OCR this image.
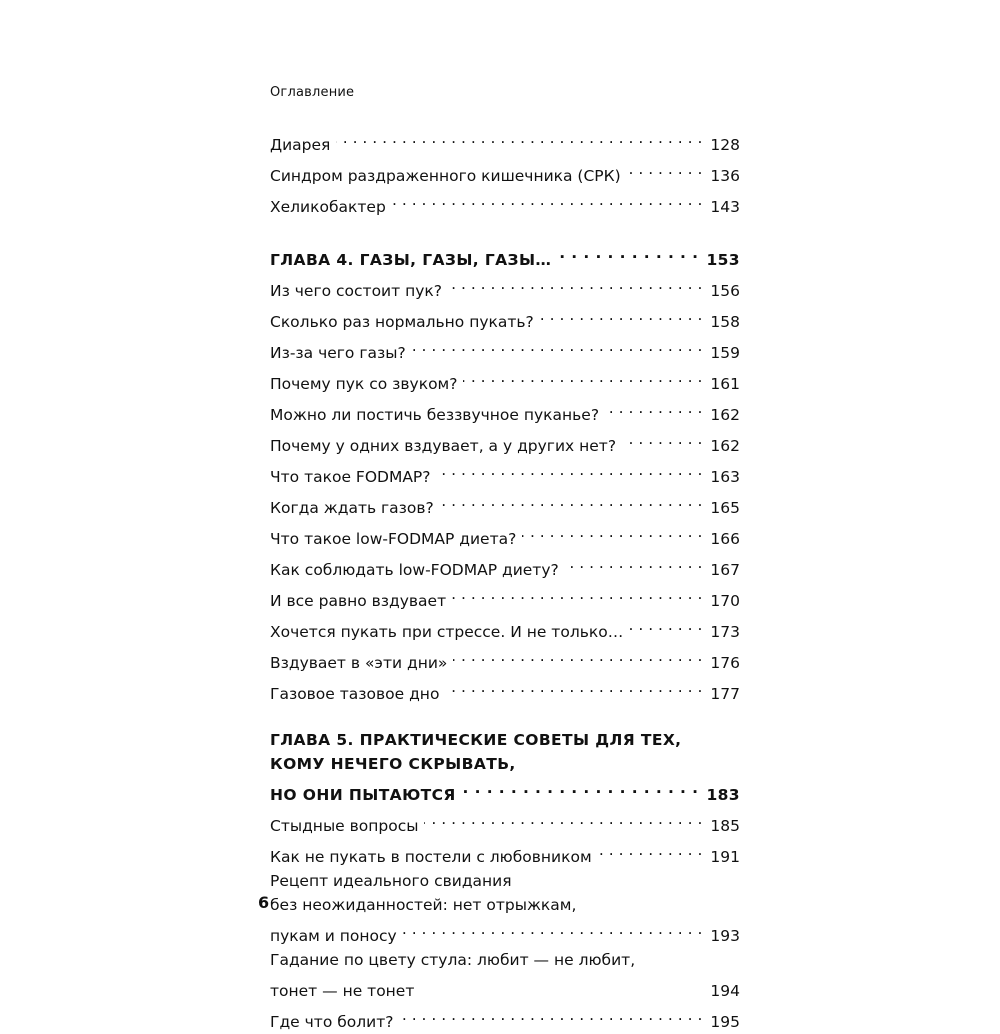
Оглавление
Диарея . . .	128
Синдром раздраженного кишечника (СРК) . . .	136
Хеликобактер . . .	143
ГЛАВА 4. ГАЗЫ, ГАЗЫ, ГАЗЫ… . . .	153
Из чего состоит пук? . . .	156
Сколько раз нормально пукать? . . .	158
Из-за чего газы? . . .	159
Почему пук со звуком? . . .	161
Можно ли постичь беззвучное пуканье? . . .	162
Почему у одних вздувает, а у других нет? . . .	162
Что такое FODMAP? . . .	163
Когда ждать газов? . . .	165
Что такое low-FODMAP диета? . . .	166
Как соблюдать low-FODMAP диету? . . .	167
И все равно вздувает . . .	170
Хочется пукать при стрессе. И не только… . . .	173
Вздувает в «эти дни» . . .	176
Газовое тазовое дно . . .	177
ГЛАВА 5. ПРАКТИЧЕСКИЕ СОВЕТЫ ДЛЯ ТЕХ,
КОМУ НЕЧЕГО СКРЫВАТЬ,
НО ОНИ ПЫТАЮТСЯ . . .	183
Стыдные вопросы . . .	185
Как не пукать в постели с любовником . . .	191
Рецепт идеального свидания
без неожиданностей: нет отрыжкам,
пукам и поносу . . .	193
Гадание по цвету стула: любит — не любит,
тонет — не тонет	194
Где что болит? . . .	195
6
